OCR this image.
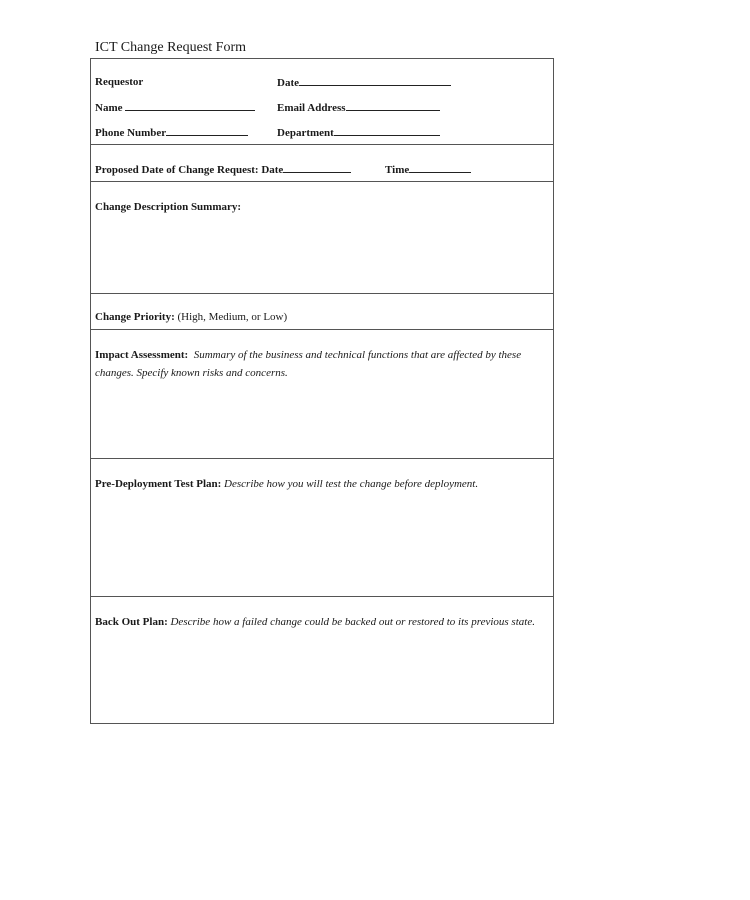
ICT Change Request Form
Requestor	Date
Name	Email Address
Phone Number	Department
Proposed Date of Change Request: Date	Time
Change Description Summary:
Change Priority: (High, Medium, or Low)
Impact Assessment: Summary of the business and technical functions that are affected by these changes. Specify known risks and concerns.
Pre-Deployment Test Plan: Describe how you will test the change before deployment.
Back Out Plan: Describe how a failed change could be backed out or restored to its previous state.
